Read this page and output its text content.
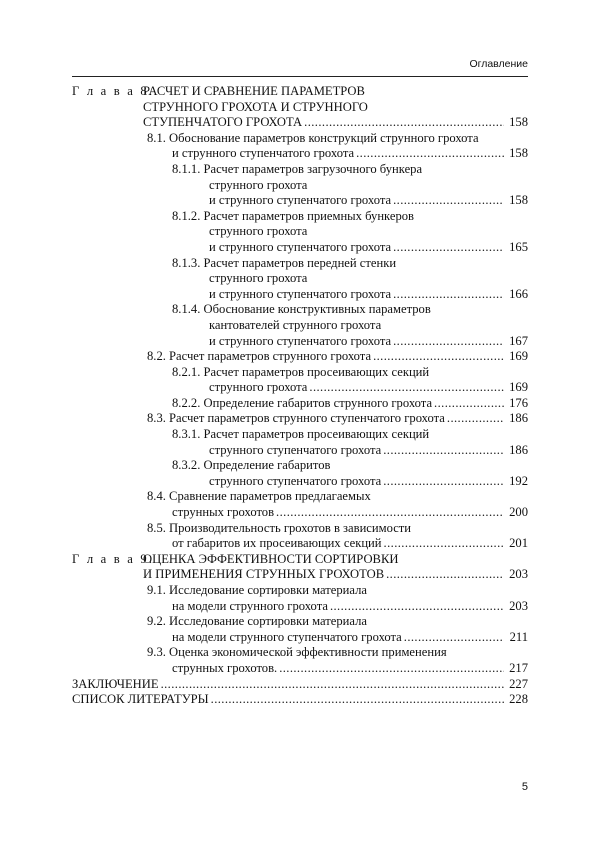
Оглавление
Г л а в а 8.
РАСЧЕТ И СРАВНЕНИЕ ПАРАМЕТРОВ
СТРУННОГО ГРОХОТА И СТРУННОГО
СТУПЕНЧАТОГО ГРОХОТА .....	158
8.1. Обоснование параметров конструкций струнного грохота
и струнного ступенчатого грохота .....	158
8.1.1. Расчет параметров загрузочного бункера
струнного грохота
и струнного ступенчатого грохота .....	158
8.1.2. Расчет параметров приемных бункеров
струнного грохота
и струнного ступенчатого грохота .....	165
8.1.3. Расчет параметров передней стенки
струнного грохота
и струнного ступенчатого грохота .....	166
8.1.4. Обоснование конструктивных параметров
кантователей струнного грохота
и струнного ступенчатого грохота .....	167
8.2. Расчет параметров струнного грохота .....	169
8.2.1. Расчет параметров просеивающих секций
струнного грохота .....	169
8.2.2. Определение габаритов струнного грохота .....	176
8.3. Расчет параметров струнного ступенчатого грохота .....	186
8.3.1. Расчет параметров просеивающих секций
струнного ступенчатого грохота .....	186
8.3.2. Определение габаритов
струнного ступенчатого грохота .....	192
8.4. Сравнение параметров предлагаемых
струнных грохотов .....	200
8.5. Производительность грохотов в зависимости
от габаритов их просеивающих секций .....	201
Г л а в а 9.
ОЦЕНКА ЭФФЕКТИВНОСТИ СОРТИРОВКИ
И ПРИМЕНЕНИЯ СТРУННЫХ ГРОХОТОВ .....	203
9.1. Исследование сортировки материала
на модели струнного грохота .....	203
9.2. Исследование сортировки материала
на модели струнного ступенчатого грохота .....	211
9.3. Оценка экономической эффективности применения
струнных грохотов. .....	217
ЗАКЛЮЧЕНИЕ .....	227
СПИСОК ЛИТЕРАТУРЫ .....	228
5
